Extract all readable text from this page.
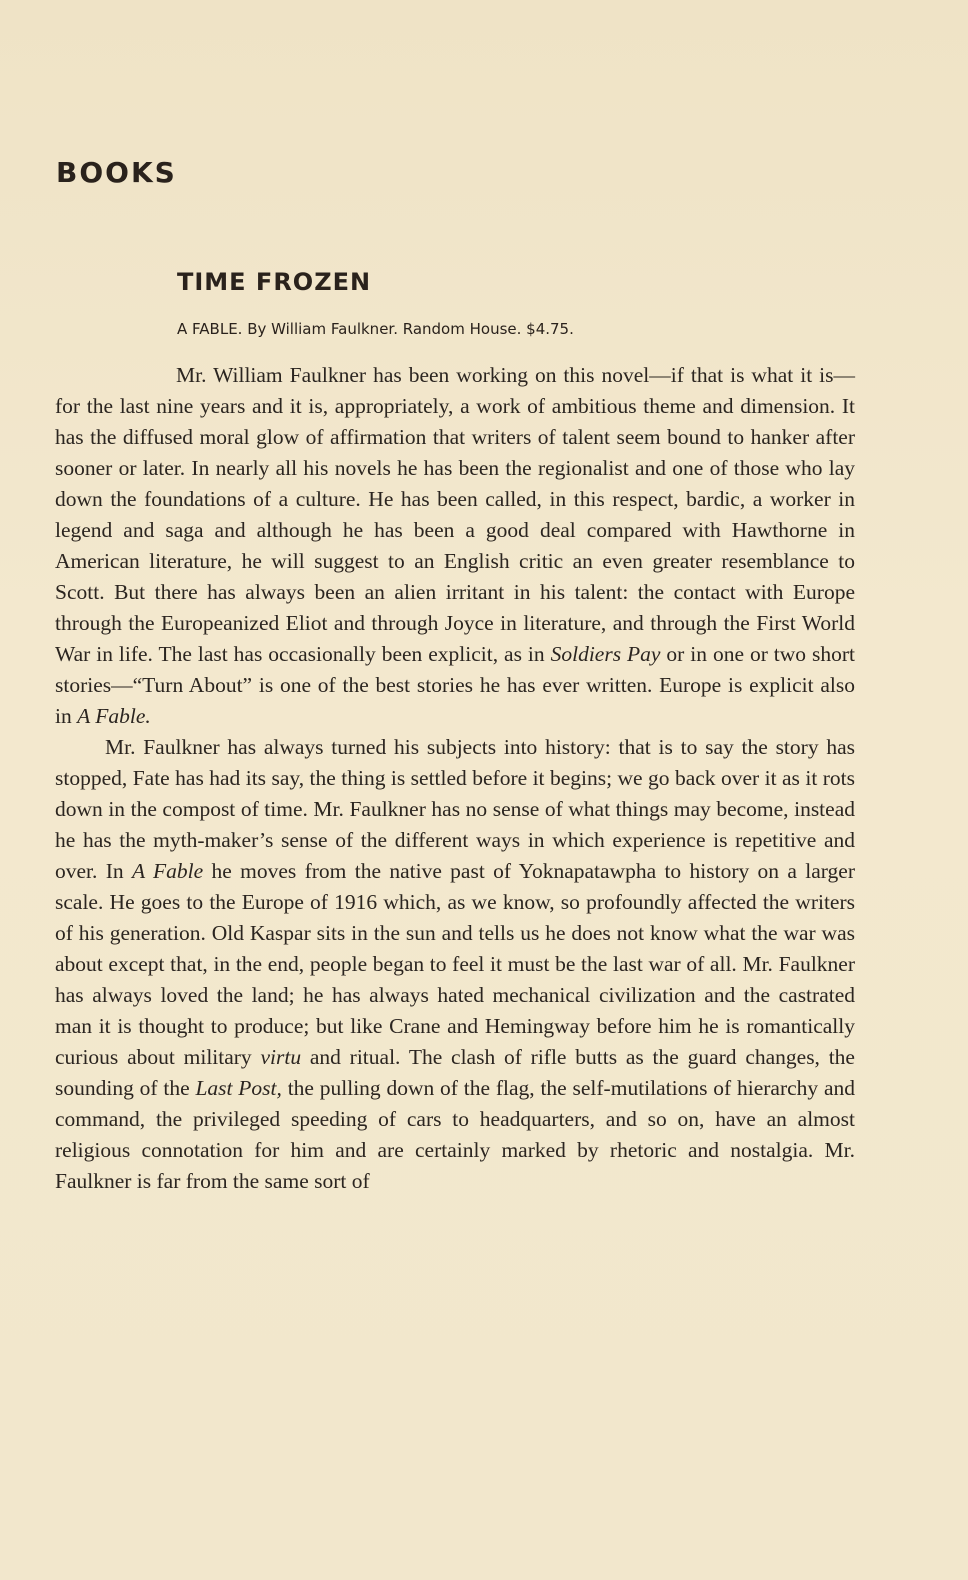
BOOKS
TIME FROZEN

A FABLE. By William Faulkner. Random House. $4.75.

Mr. William Faulkner has been working on this novel—if that is what it is—for the last nine years and it is, appropriately, a work of ambitious theme and dimension. It has the diffused moral glow of affirmation that writers of talent seem bound to hanker after sooner or later. In nearly all his novels he has been the regionalist and one of those who lay down the foundations of a culture. He has been called, in this respect, bardic, a worker in legend and saga and although he has been a good deal compared with Hawthorne in American literature, he will suggest to an English critic an even greater resemblance to Scott. But there has always been an alien irritant in his talent: the contact with Europe through the Europeanized Eliot and through Joyce in literature, and through the First World War in life. The last has occasionally been explicit, as in Soldiers Pay or in one or two short stories—“Turn About” is one of the best stories he has ever written. Europe is explicit also in A Fable.

Mr. Faulkner has always turned his subjects into history: that is to say the story has stopped, Fate has had its say, the thing is settled before it begins; we go back over it as it rots down in the compost of time. Mr. Faulkner has no sense of what things may become, instead he has the myth-maker’s sense of the different ways in which experience is repetitive and over. In A Fable he moves from the native past of Yoknapatawpha to history on a larger scale. He goes to the Europe of 1916 which, as we know, so profoundly affected the writers of his generation. Old Kaspar sits in the sun and tells us he does not know what the war was about except that, in the end, people began to feel it must be the last war of all. Mr. Faulkner has always loved the land; he has always hated mechanical civilization and the castrated man it is thought to produce; but like Crane and Hemingway before him he is romantically curious about military virtu and ritual. The clash of rifle butts as the guard changes, the sounding of the Last Post, the pulling down of the flag, the self-mutilations of hierarchy and command, the privileged speeding of cars to headquarters, and so on, have an almost religious connotation for him and are certainly marked by rhetoric and nostalgia. Mr. Faulkner is far from the same sort of
